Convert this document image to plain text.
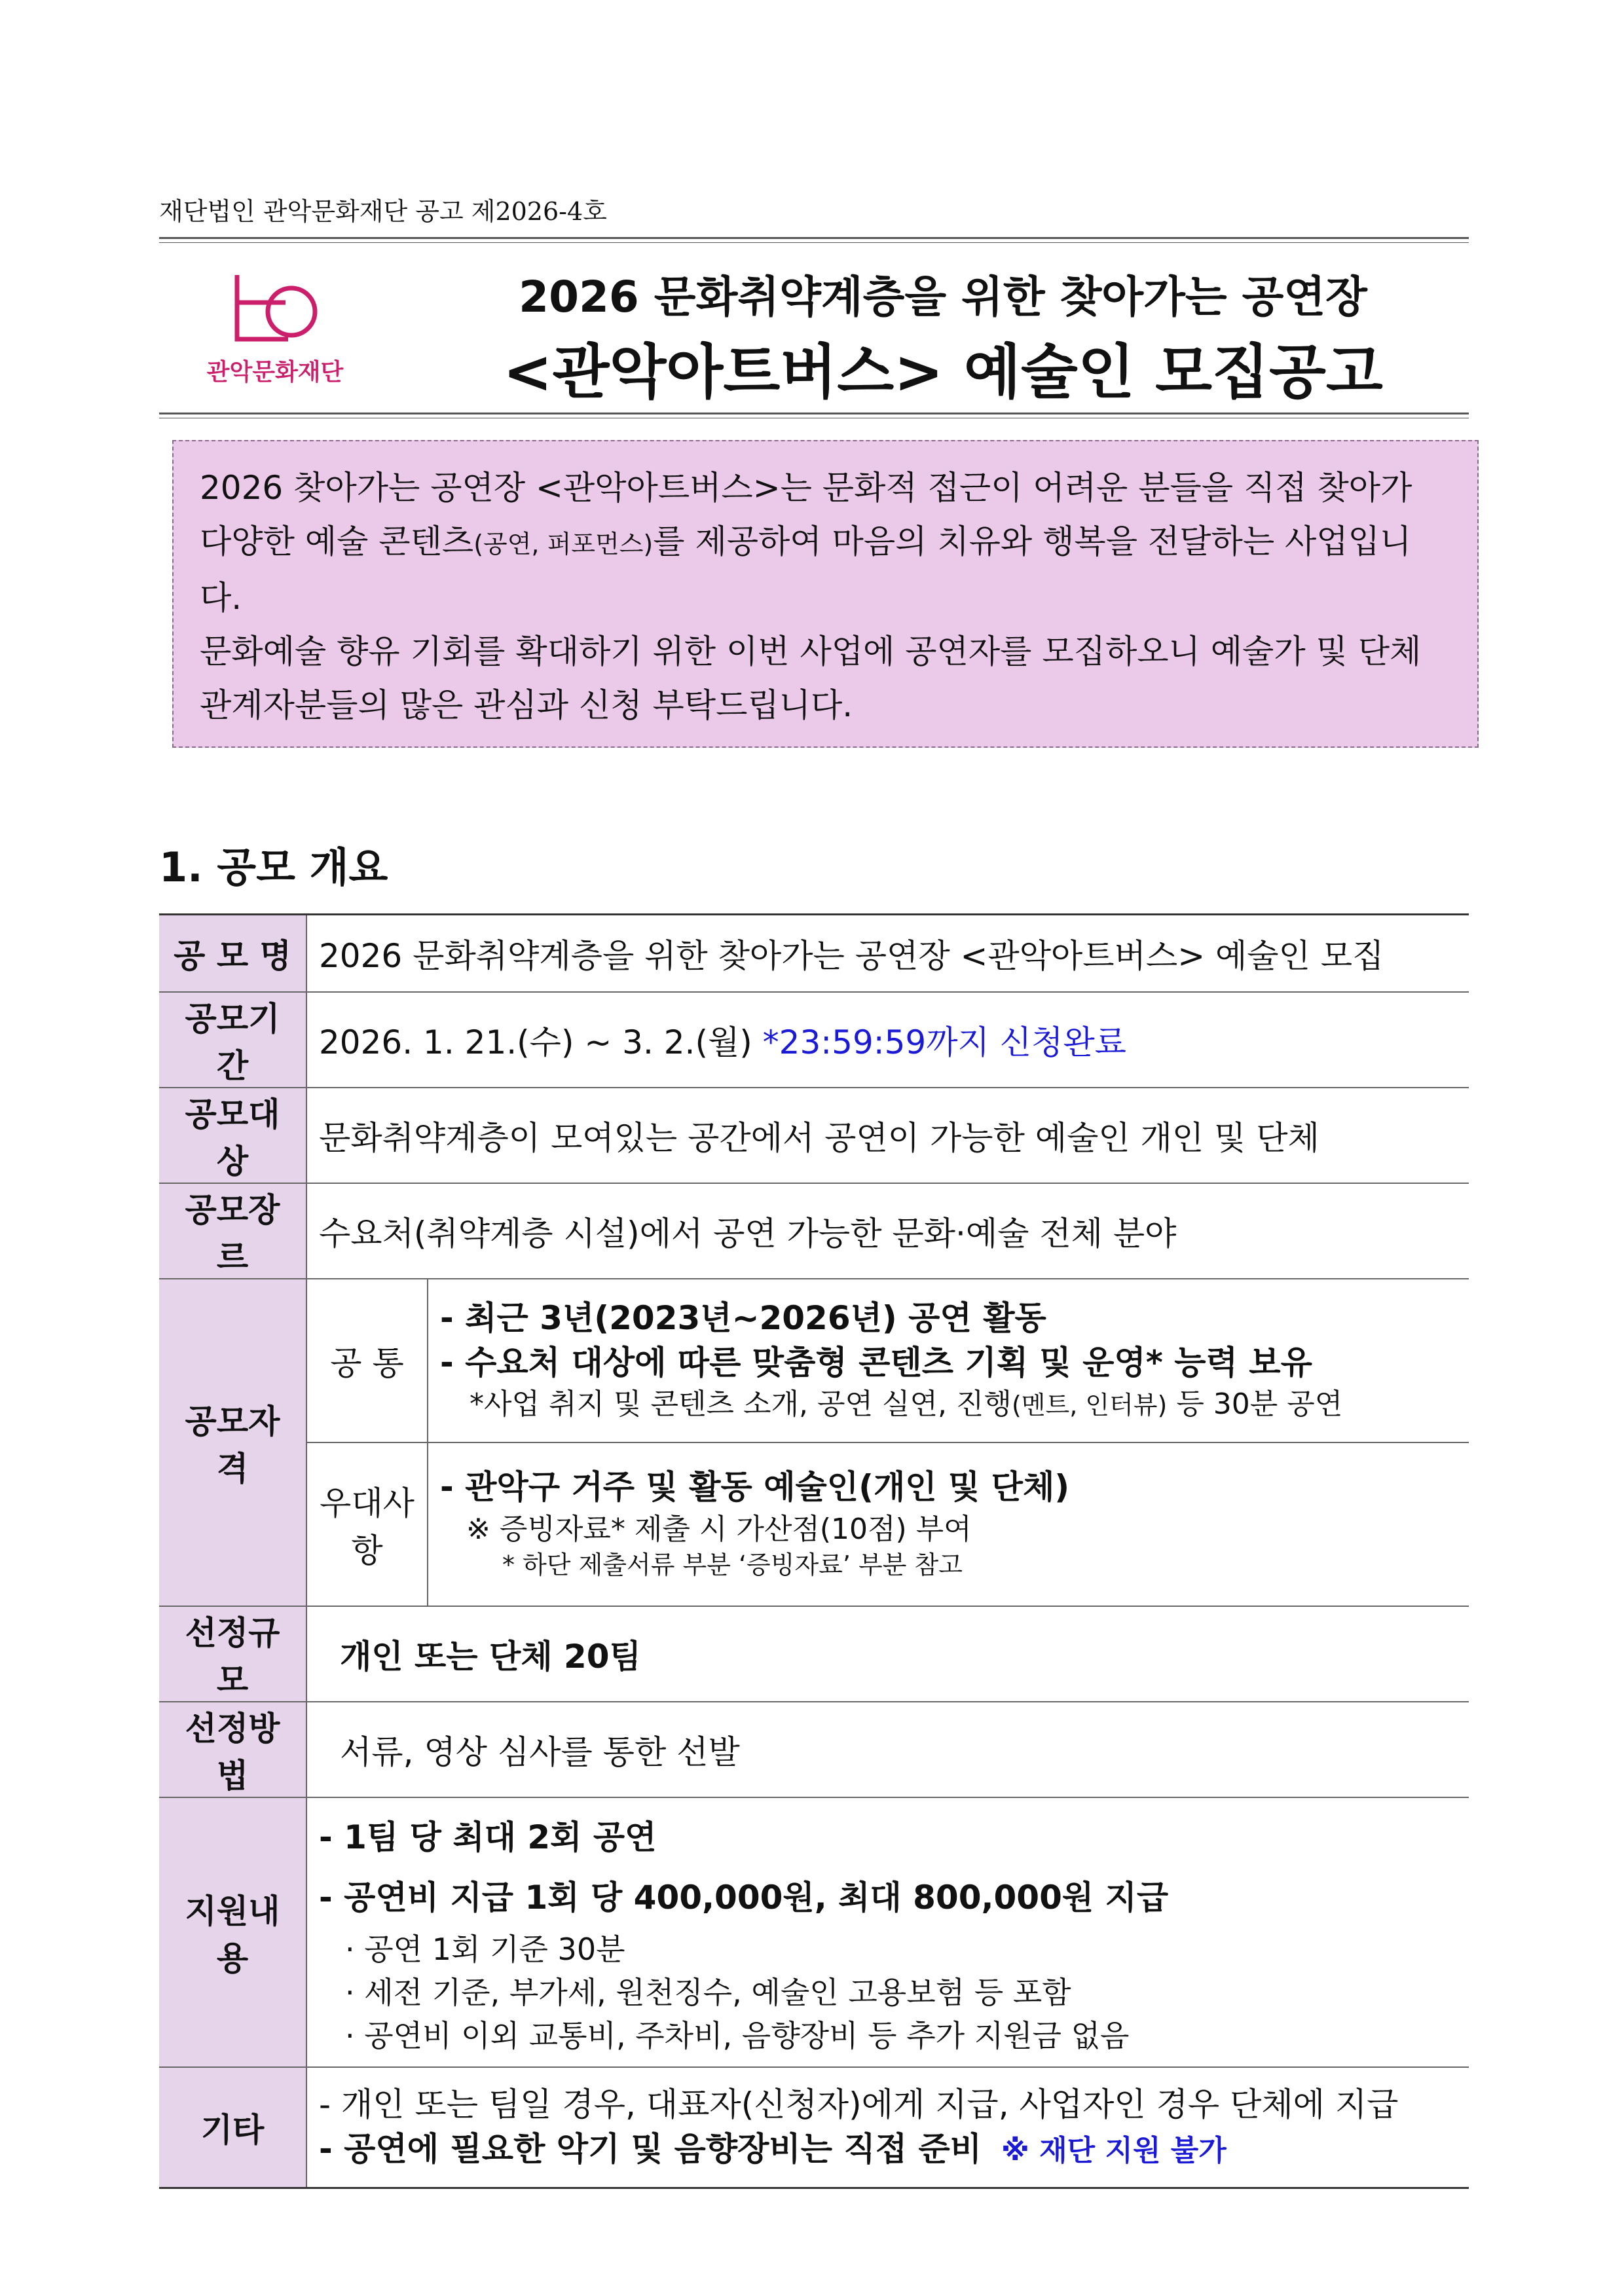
재단법인 관악문화재단 공고 제2026-4호
관악문화재단
2026 문화취약계층을 위한 찾아가는 공연장
<관악아트버스> 예술인 모집공고

2026 찾아가는 공연장 <관악아트버스>는 문화적 접근이 어려운 분들을 직접 찾아가 다양한 예술 콘텐츠(공연, 퍼포먼스)를 제공하여 마음의 치유와 행복을 전달하는 사업입니다.

문화예술 향유 기회를 확대하기 위한 이번 사업에 공연자를 모집하오니 예술가 및 단체 관계자분들의 많은 관심과 신청 부탁드립니다.

1. 공모 개요
공 모 명	2026 문화취약계층을 위한 찾아가는 공연장 <관악아트버스> 예술인 모집	
공모기간	2026. 1. 21.(수) ~ 3. 2.(월) *23:59:59까지 신청완료	
공모대상	문화취약계층이 모여있는 공간에서 공연이 가능한 예술인 개인 및 단체	
공모장르	수요처(취약계층 시설)에서 공연 가능한 문화·예술 전체 분야	
공모자격	공 통	- 최근 3년(2023년~2026년) 공연 활동
- 수요처 대상에 따른 맞춤형 콘텐츠 기획 및 운영* 능력 보유
*사업 취지 및 콘텐츠 소개, 공연 실연, 진행(멘트, 인터뷰) 등 30분 공연

	우대사항	- 관악구 거주 및 활동 예술인(개인 및 단체)
※ 증빙자료* 제출 시 가산점(10점) 부여
* 하단 제출서류 부분 ‘증빙자료’ 부분 참고

선정규모	개인 또는 단체 20팀	
선정방법	서류, 영상 심사를 통한 선발	
지원내용	- 1팀 당 최대 2회 공연
- 공연비 지급 1회 당 400,000원, 최대 800,000원 지급
· 공연 1회 기준 30분
· 세전 기준, 부가세, 원천징수, 예술인 고용보험 등 포함
· 공연비 이외 교통비, 주차비, 음향장비 등 추가 지원금 없음	

기타	- 개인 또는 팀일 경우, 대표자(신청자)에게 지급, 사업자인 경우 단체에 지급
- 공연에 필요한 악기 및 음향장비는 직접 준비 ※ 재단 지원 불가	
